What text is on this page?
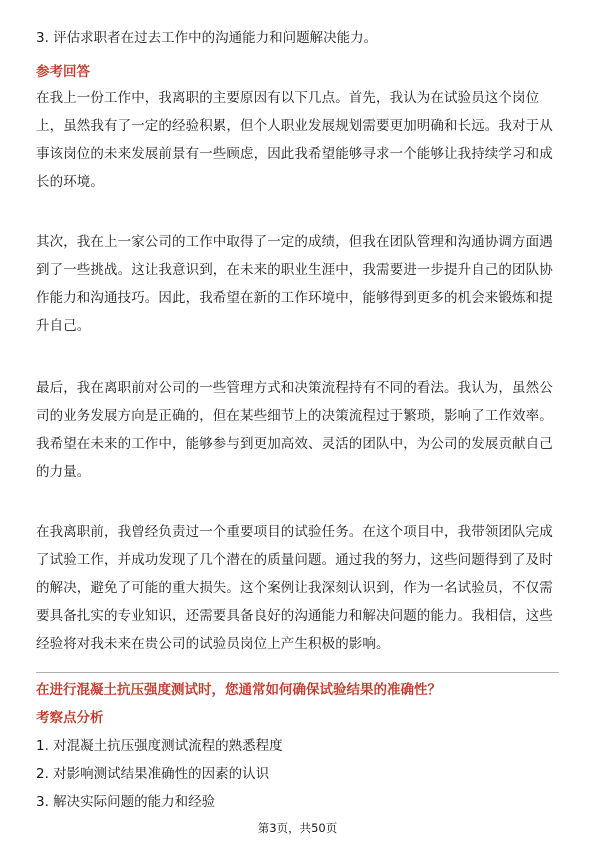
3. 评估求职者在过去工作中的沟通能力和问题解决能力。

参考回答

在我上一份工作中，我离职的主要原因有以下几点。首先，我认为在试验员这个岗位上，虽然我有了一定的经验积累，但个人职业发展规划需要更加明确和长远。我对于从事该岗位的未来发展前景有一些顾虑，因此我希望能够寻求一个能够让我持续学习和成长的环境。

其次，我在上一家公司的工作中取得了一定的成绩，但我在团队管理和沟通协调方面遇到了一些挑战。这让我意识到，在未来的职业生涯中，我需要进一步提升自己的团队协作能力和沟通技巧。因此，我希望在新的工作环境中，能够得到更多的机会来锻炼和提升自己。

最后，我在离职前对公司的一些管理方式和决策流程持有不同的看法。我认为，虽然公司的业务发展方向是正确的，但在某些细节上的决策流程过于繁琐，影响了工作效率。我希望在未来的工作中，能够参与到更加高效、灵活的团队中，为公司的发展贡献自己的力量。

在我离职前，我曾经负责过一个重要项目的试验任务。在这个项目中，我带领团队完成了试验工作，并成功发现了几个潜在的质量问题。通过我的努力，这些问题得到了及时的解决，避免了可能的重大损失。这个案例让我深刻认识到，作为一名试验员，不仅需要具备扎实的专业知识，还需要具备良好的沟通能力和解决问题的能力。我相信，这些经验将对我未来在贵公司的试验员岗位上产生积极的影响。

在进行混凝土抗压强度测试时，您通常如何确保试验结果的准确性？

考察点分析

1. 对混凝土抗压强度测试流程的熟悉程度

2. 对影响测试结果准确性的因素的认识

3. 解决实际问题的能力和经验

第3页，共50页
